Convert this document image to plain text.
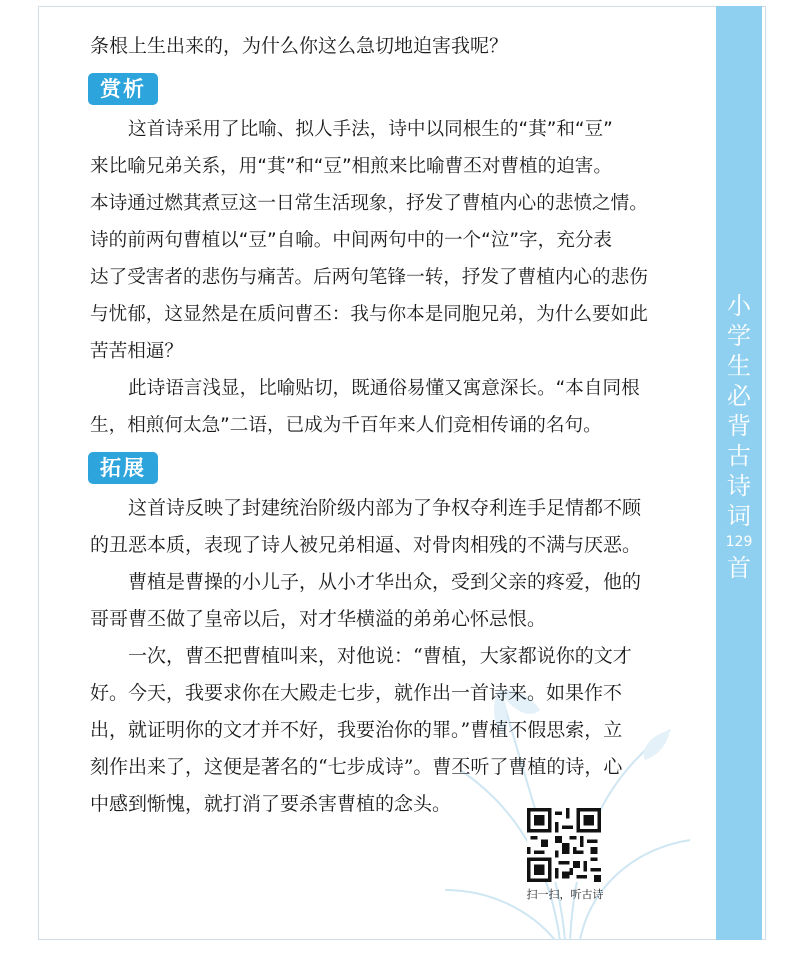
条根上生出来的，为什么你这么急切地迫害我呢？
赏析
这首诗采用了比喻、拟人手法，诗中以同根生的“萁”和“豆”
来比喻兄弟关系，用“萁”和“豆”相煎来比喻曹丕对曹植的迫害。
本诗通过燃萁煮豆这一日常生活现象，抒发了曹植内心的悲愤之情。
诗的前两句曹植以“豆”自喻。中间两句中的一个“泣”字，充分表
达了受害者的悲伤与痛苦。后两句笔锋一转，抒发了曹植内心的悲伤
与忧郁，这显然是在质问曹丕：我与你本是同胞兄弟，为什么要如此
苦苦相逼？
此诗语言浅显，比喻贴切，既通俗易懂又寓意深长。“本自同根
生，相煎何太急”二语，已成为千百年来人们竞相传诵的名句。
拓展
这首诗反映了封建统治阶级内部为了争权夺利连手足情都不顾
的丑恶本质，表现了诗人被兄弟相逼、对骨肉相残的不满与厌恶。
曹植是曹操的小儿子，从小才华出众，受到父亲的疼爱，他的
哥哥曹丕做了皇帝以后，对才华横溢的弟弟心怀忌恨。
一次，曹丕把曹植叫来，对他说：“曹植，大家都说你的文才
好。今天，我要求你在大殿走七步，就作出一首诗来。如果作不
出，就证明你的文才并不好，我要治你的罪。”曹植不假思索，立
刻作出来了，这便是著名的“七步成诗”。曹丕听了曹植的诗，心
中感到惭愧，就打消了要杀害曹植的念头。
扫一扫，听古诗
小
学
生
必
背
古
诗
词
129
首
